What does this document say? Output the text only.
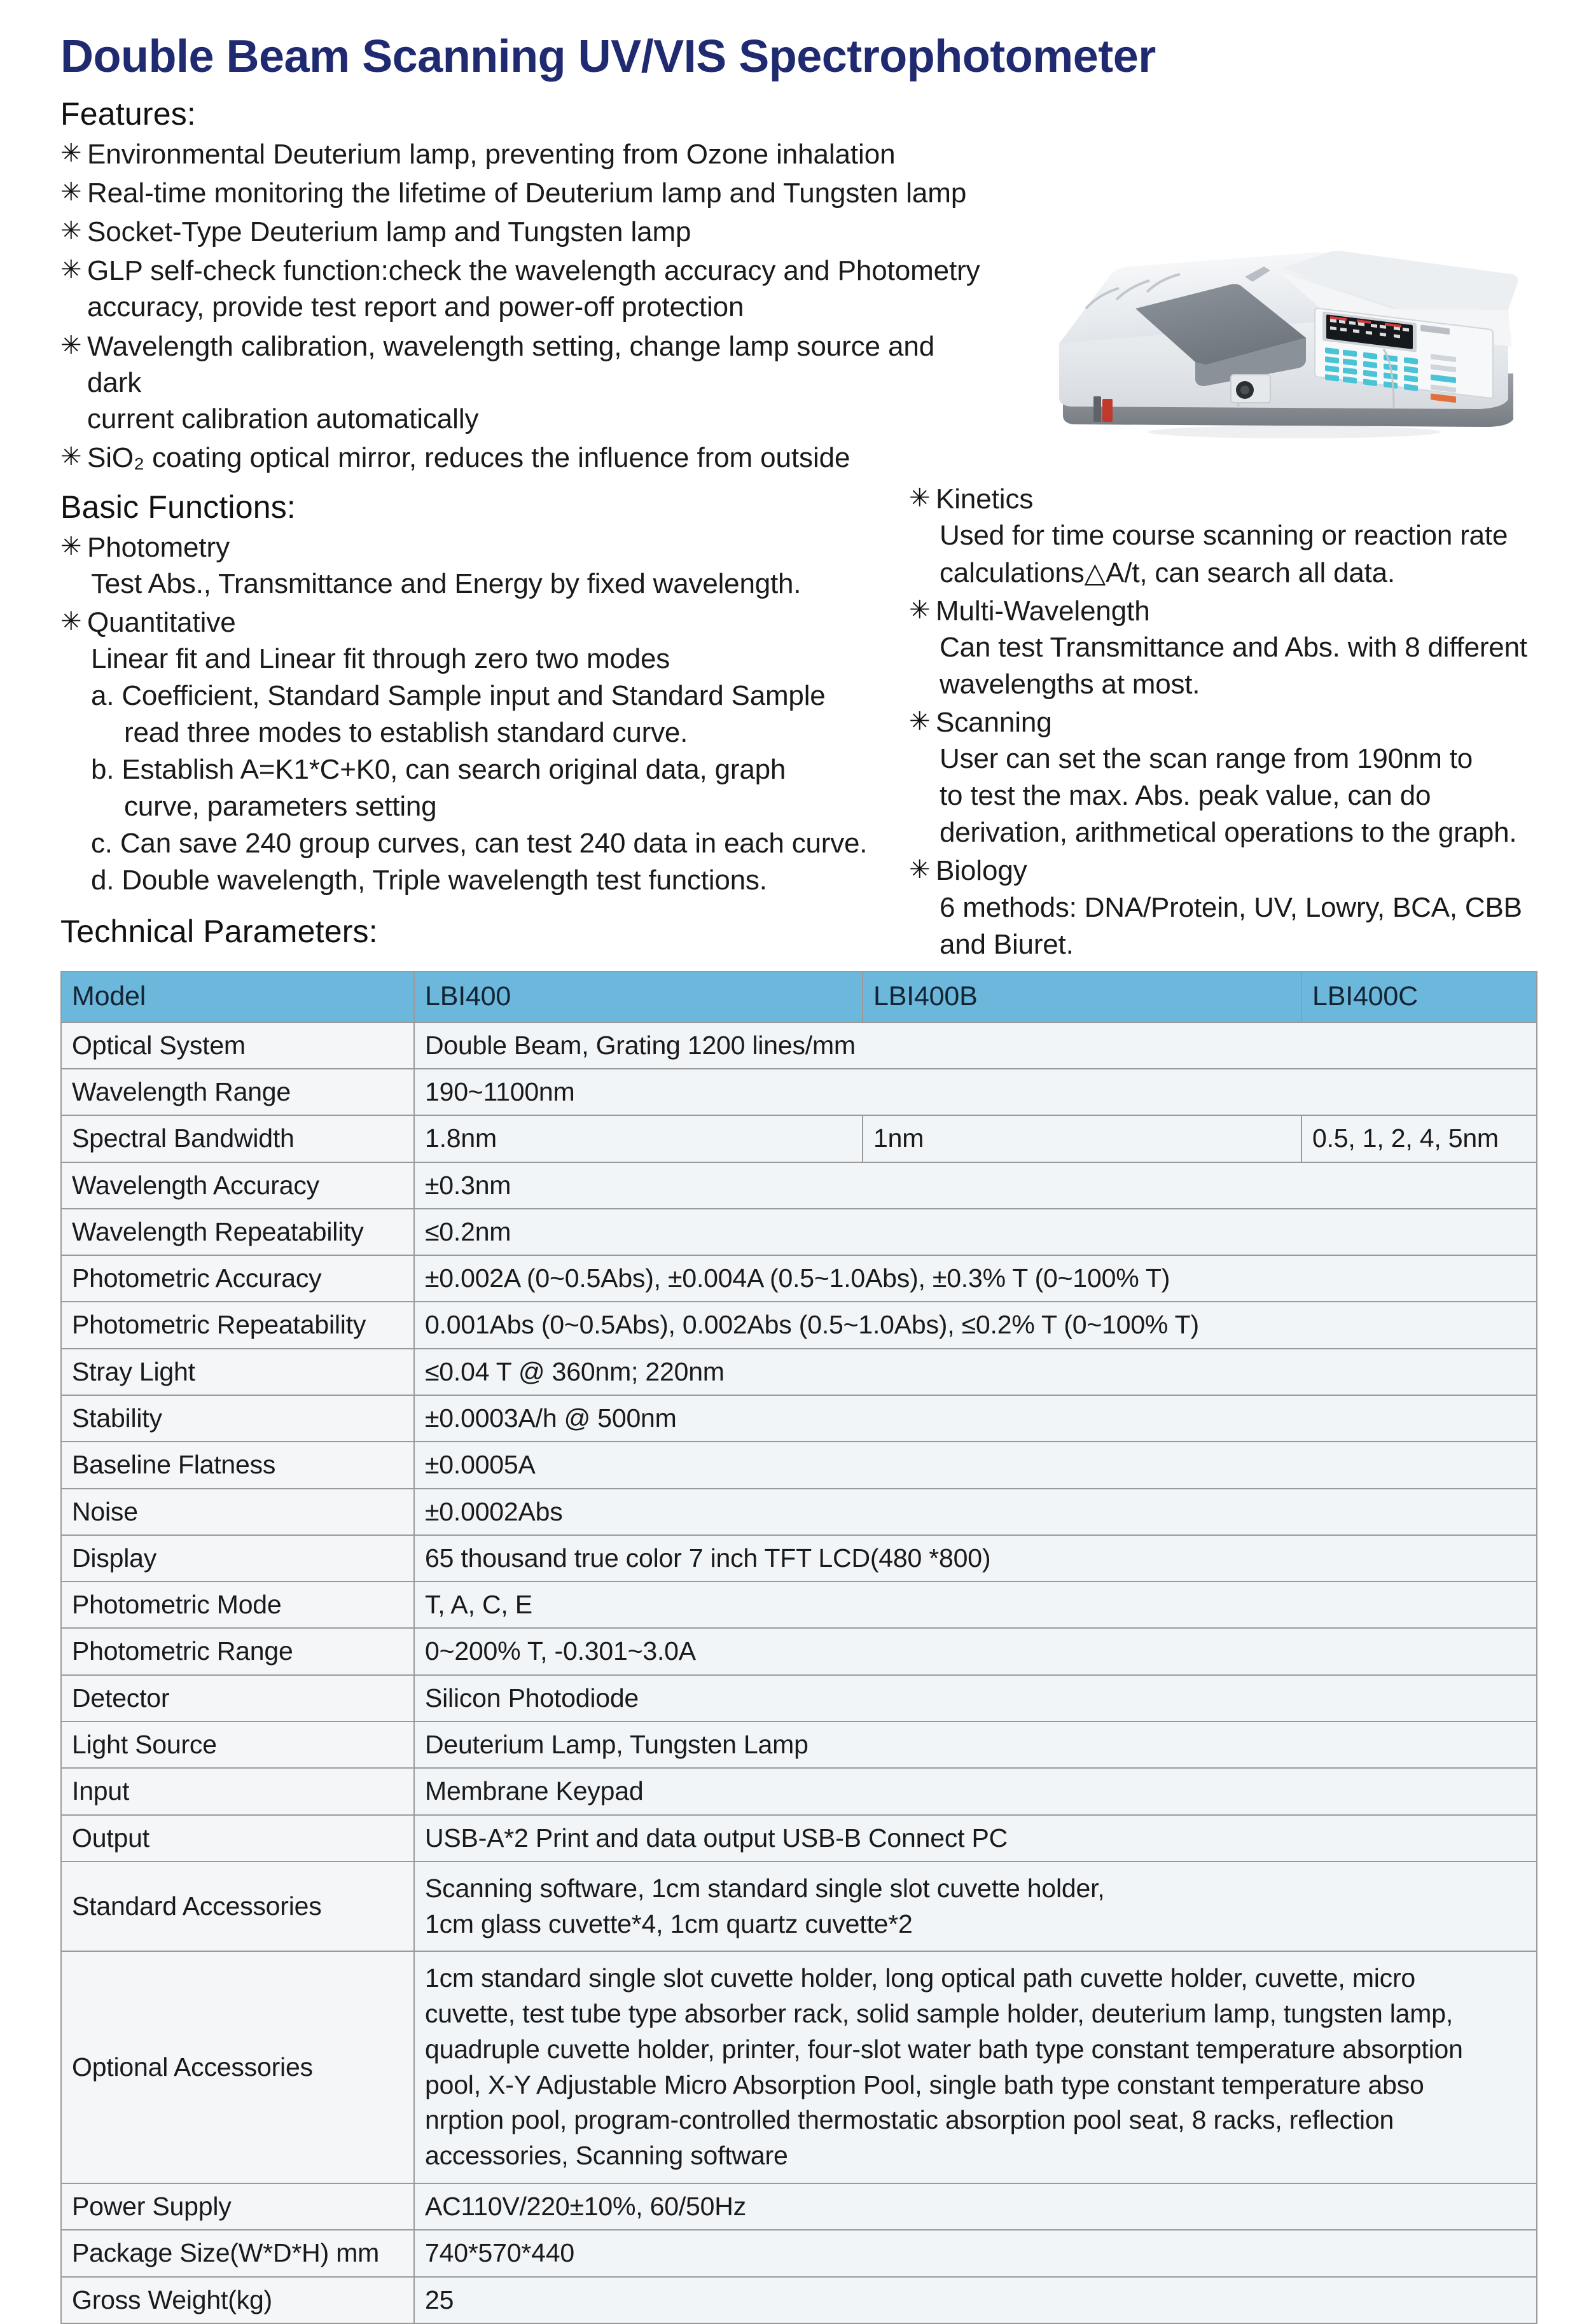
Double Beam Scanning UV/VIS Spectrophotometer
Features:
✳ Environmental Deuterium lamp, preventing from Ozone inhalation
✳ Real-time monitoring the lifetime of Deuterium lamp and Tungsten lamp
✳ Socket-Type Deuterium lamp and Tungsten lamp
✳ GLP self-check function:check the wavelength accuracy and Photometry
accuracy, provide test report and power-off protection
✳ Wavelength calibration, wavelength setting, change lamp source and dark
current calibration automatically
✳ SiO₂ coating optical mirror, reduces the influence from outside
Basic Functions:
✳ Photometry
Test Abs., Transmittance and Energy by fixed wavelength.
✳ Quantitative
Linear fit and Linear fit through zero two modes
a. Coefficient, Standard Sample input and Standard Sample
read three modes to establish standard curve.
b. Establish A=K1*C+K0, can search original data, graph
curve, parameters setting
c. Can save 240 group curves, can test 240 data in each curve.
d. Double wavelength, Triple wavelength test functions.
Technical Parameters:
✳ Kinetics
Used for time course scanning or reaction rate
calculations△A/t, can search all data.
✳ Multi-Wavelength
Can test Transmittance and Abs. with 8 different
wavelengths at most.
✳ Scanning
User can set the scan range from 190nm to
to test the max. Abs. peak value, can do
derivation, arithmetical operations to the graph.
✳ Biology
6 methods: DNA/Protein, UV, Lowry, BCA, CBB
and Biuret.
Model	LBI400	LBI400B	LBI400C
Optical System	Double Beam, Grating 1200 lines/mm		
Wavelength Range	190~1100nm		
Spectral Bandwidth	1.8nm	1nm	0.5, 1, 2, 4, 5nm
Wavelength Accuracy	±0.3nm		
Wavelength Repeatability	≤0.2nm		
Photometric Accuracy	±0.002A (0~0.5Abs), ±0.004A (0.5~1.0Abs), ±0.3% T (0~100% T)		
Photometric Repeatability	0.001Abs (0~0.5Abs), 0.002Abs (0.5~1.0Abs), ≤0.2% T (0~100% T)		
Stray Light	≤0.04 T @ 360nm; 220nm		
Stability	±0.0003A/h @ 500nm		
Baseline Flatness	±0.0005A		
Noise	±0.0002Abs		
Display	65 thousand true color 7 inch TFT LCD(480 *800)		
Photometric Mode	T, A, C, E		
Photometric Range	0~200% T, -0.301~3.0A		
Detector	Silicon Photodiode		
Light Source	Deuterium Lamp, Tungsten Lamp		
Input	Membrane Keypad		
Output	USB-A*2 Print and data output USB-B Connect PC		
Standard Accessories	Scanning software, 1cm standard single slot cuvette holder,
1cm glass cuvette*4, 1cm quartz cuvette*2		
Optional Accessories	1cm standard single slot cuvette holder, long optical path cuvette holder, cuvette, micro
cuvette, test tube type absorber rack, solid sample holder, deuterium lamp, tungsten lamp,
quadruple cuvette holder, printer, four-slot water bath type constant temperature absorption
pool, X-Y Adjustable Micro Absorption Pool, single bath type constant temperature abso
nrption pool, program-controlled thermostatic absorption pool seat, 8 racks, reflection
accessories, Scanning software
Power Supply	AC110V/220±10%, 60/50Hz		
Package Size(W*D*H) mm	740*570*440		
Gross Weight(kg)	25		
